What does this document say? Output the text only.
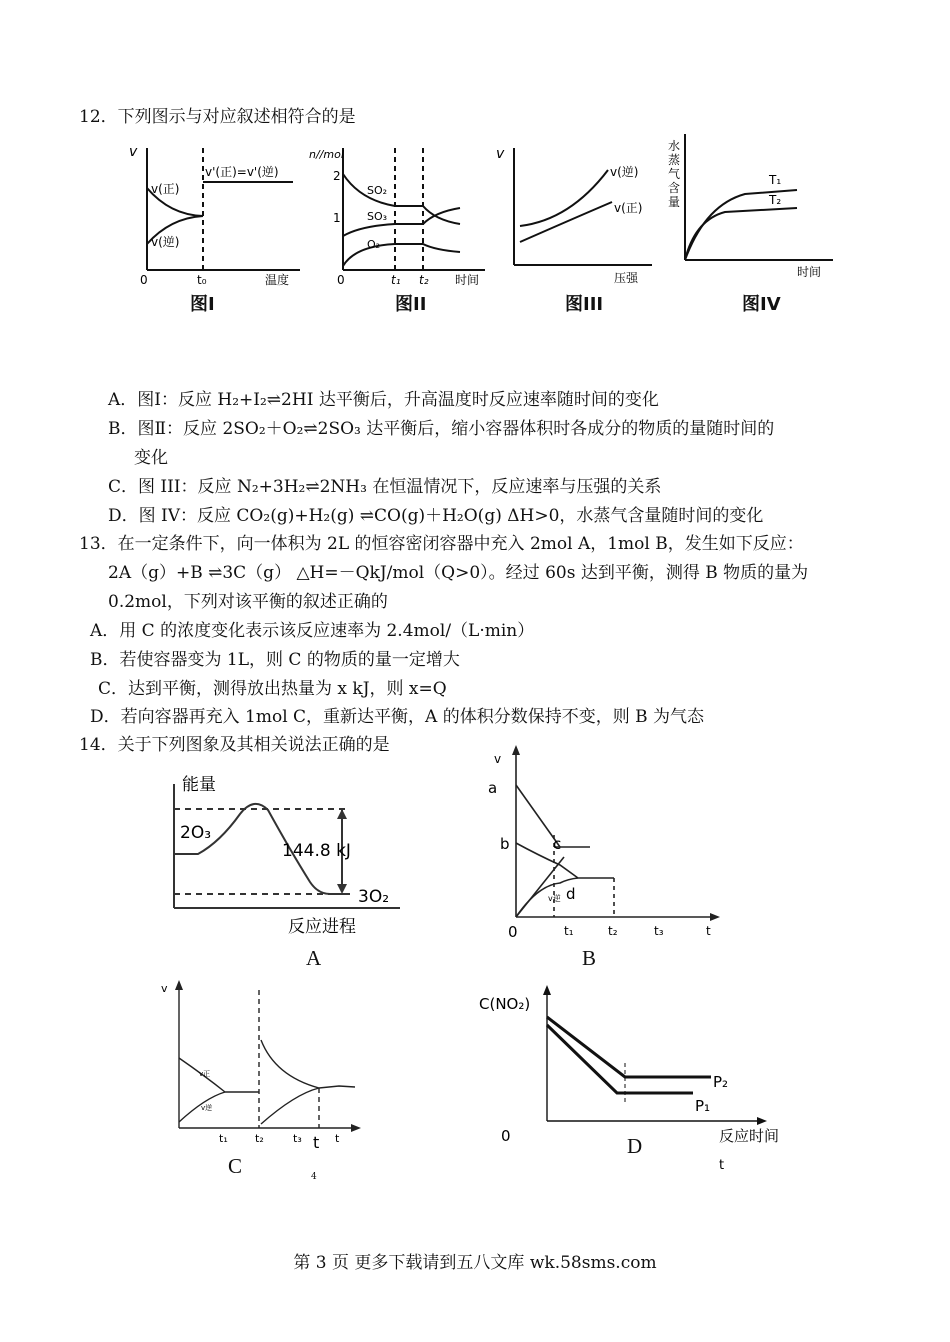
12．下列图示与对应叙述相符合的是
v
v(正)
v(逆)
v'(正)=v'(逆)
0	t₀	温度
图I
n//mol
2
1
SO₂
SO₃
O₂
0	t₁ t₂ 时间
图II
v
v(逆)
v(正)
压强
图III
水
蒸
气
含
量
T₁
T₂
时间
图IV
A．图I：反应 H₂+I₂⇌2HI 达平衡后，升高温度时反应速率随时间的变化
B．图Ⅱ：反应 2SO₂＋O₂⇌2SO₃ 达平衡后，缩小容器体积时各成分的物质的量随时间的
变化
C．图 III：反应 N₂+3H₂⇌2NH₃ 在恒温情况下，反应速率与压强的关系
D．图 IV：反应 CO₂(g)+H₂(g) ⇌CO(g)＋H₂O(g) ΔH>0，水蒸气含量随时间的变化
13．在一定条件下，向一体积为 2L 的恒容密闭容器中充入 2mol A，1mol B，发生如下反应：
2A（g）+B ⇌3C（g） △H=－QkJ/mol（Q>0）。经过 60s 达到平衡，测得 B 物质的量为
0.2mol，下列对该平衡的叙述正确的
A．用 C 的浓度变化表示该反应速率为 2.4mol/（L·min）
B．若使容器变为 1L，则 C 的物质的量一定增大
C．达到平衡，测得放出热量为 x kJ，则 x=Q
D．若向容器再充入 1mol C，重新达平衡，A 的体积分数保持不变，则 B 为气态
14．关于下列图象及其相关说法正确的是
能量
2O₃
144.8 kJ
3O₂
反应进程
A
v
a
b	c
d
v逆
0	t₁	t₂	t₃	t
B
v
v正
v逆
t₁ t₂	t₃ t t
4
C
C(NO₂)
P₂
P₁
0	反应时间
t
D
第 3 页 更多下载请到五八文库 wk.58sms.com
